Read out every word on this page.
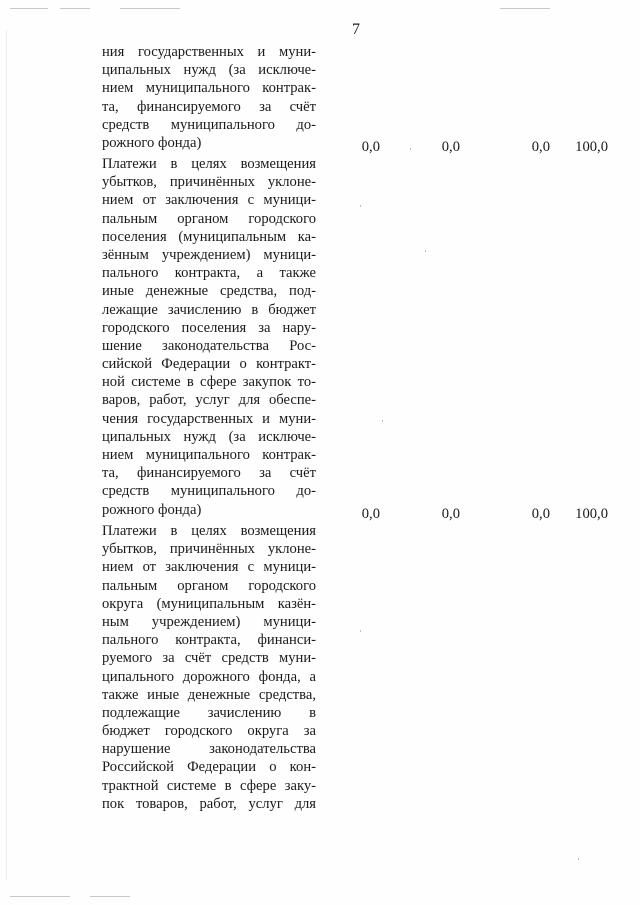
7
ния государственных и муни-
ципальных нужд (за исключе-
нием муниципального контрак-
та, финансируемого за счёт
средств муниципального до-
рожного фонда)	0,0	0,0	0,0	100,0
Платежи в целях возмещения
убытков, причинённых уклоне-
нием от заключения с муници-
пальным органом городского
поселения (муниципальным ка-
зённым учреждением) муници-
пального контракта, а также
иные денежные средства, под-
лежащие зачислению в бюджет
городского поселения за нару-
шение законодательства Рос-
сийской Федерации о контракт-
ной системе в сфере закупок то-
варов, работ, услуг для обеспе-
чения государственных и муни-
ципальных нужд (за исключе-
нием муниципального контрак-
та, финансируемого за счёт
средств муниципального до-
рожного фонда)	0,0	0,0	0,0	100,0
Платежи в целях возмещения
убытков, причинённых уклоне-
нием от заключения с муници-
пальным органом городского
округа (муниципальным казён-
ным учреждением) муници-
пального контракта, финанси-
руемого за счёт средств муни-
ципального дорожного фонда, а
также иные денежные средства,
подлежащие зачислению в
бюджет городского округа за
нарушение законодательства
Российской Федерации о кон-
трактной системе в сфере заку-
пок товаров, работ, услуг для
